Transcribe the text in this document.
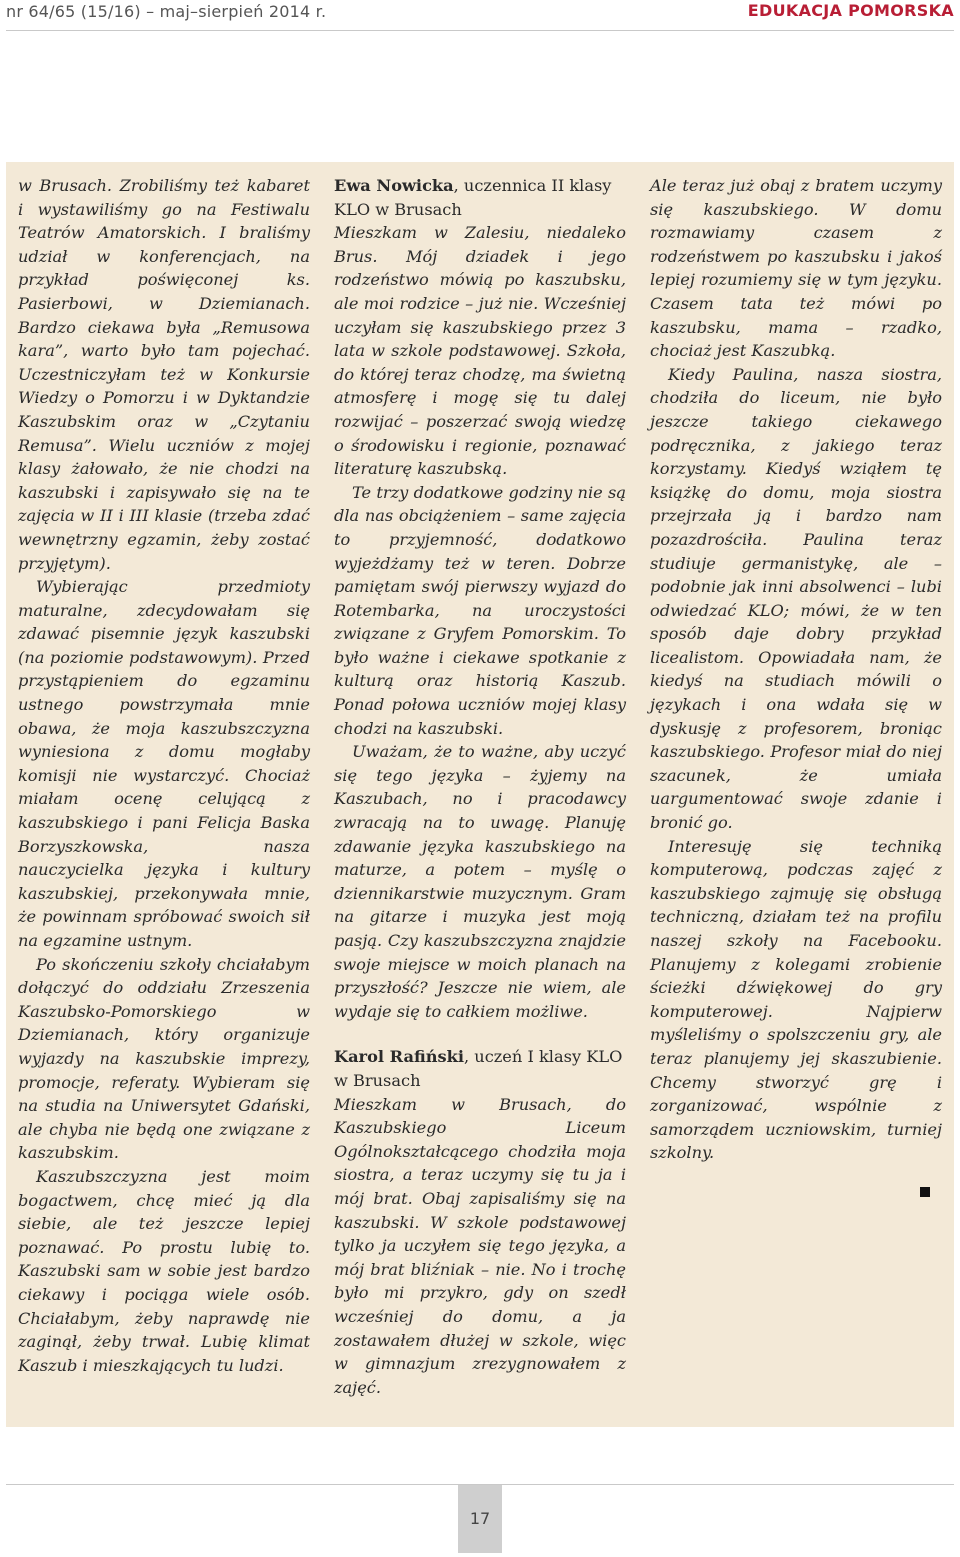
nr 64/65 (15/16) – maj–sierpień 2014 r.	EDUKACJA POMORSKA

w Brusach. Zrobiliśmy też kabaret i wystawiliśmy go na Festiwalu Teatrów Amatorskich. I braliśmy udział w konferencjach, na przykład poświęconej ks. Pasierbowi, w Dziemianach. Bardzo ciekawa była „Remusowa kara”, warto było tam pojechać. Uczestniczyłam też w Konkursie Wiedzy o Pomorzu i w Dyktandzie Kaszubskim oraz w „Czytaniu Remusa”. Wielu uczniów z mojej klasy żałowało, że nie chodzi na kaszubski i zapisywało się na te zajęcia w II i III klasie (trzeba zdać wewnętrzny egzamin, żeby zostać przyjętym).

Wybierając przedmioty maturalne, zdecydowałam się zdawać pisemnie język kaszubski (na poziomie podstawowym). Przed przystąpieniem do egzaminu ustnego powstrzymała mnie obawa, że moja kaszubszczyzna wyniesiona z domu mogłaby komisji nie wystarczyć. Chociaż miałam ocenę celującą z kaszubskiego i pani Felicja Baska Borzyszkowska, nasza nauczycielka języka i kultury kaszubskiej, przekonywała mnie, że powinnam spróbować swoich sił na egzamine ustnym.

Po skończeniu szkoły chciałabym dołączyć do oddziału Zrzeszenia Kaszubsko-Pomorskiego w Dziemianach, który organizuje wyjazdy na kaszubskie imprezy, promocje, referaty. Wybieram się na studia na Uniwersytet Gdański, ale chyba nie będą one związane z kaszubskim.

Kaszubszczyzna jest moim bogactwem, chcę mieć ją dla siebie, ale też jeszcze lepiej poznawać. Po prostu lubię to. Kaszubski sam w sobie jest bardzo ciekawy i pociąga wiele osób. Chciałabym, żeby naprawdę nie zaginął, żeby trwał. Lubię klimat Kaszub i mieszkających tu ludzi.

Ewa Nowicka, uczennica II klasy KLO w Brusach

Mieszkam w Zalesiu, niedaleko Brus. Mój dziadek i jego rodzeństwo mówią po kaszubsku, ale moi rodzice – już nie. Wcześniej uczyłam się kaszubskiego przez 3 lata w szkole podstawowej. Szkoła, do której teraz chodzę, ma świetną atmosferę i mogę się tu dalej rozwijać – poszerzać swoją wiedzę o środowisku i regionie, poznawać literaturę kaszubską.

Te trzy dodatkowe godziny nie są dla nas obciążeniem – same zajęcia to przyjemność, dodatkowo wyjeżdżamy też w teren. Dobrze pamiętam swój pierwszy wyjazd do Rotembarka, na uroczystości związane z Gryfem Pomorskim. To było ważne i ciekawe spotkanie z kulturą oraz historią Kaszub. Ponad połowa uczniów mojej klasy chodzi na kaszubski.

Uważam, że to ważne, aby uczyć się tego języka – żyjemy na Kaszubach, no i pracodawcy zwracają na to uwagę. Planuję zdawanie języka kaszubskiego na maturze, a potem – myślę o dziennikarstwie muzycznym. Gram na gitarze i muzyka jest moją pasją. Czy kaszubszczyzna znajdzie swoje miejsce w moich planach na przyszłość? Jeszcze nie wiem, ale wydaje się to całkiem możliwe.

Karol Rafiński, uczeń I klasy KLO w Brusach

Mieszkam w Brusach, do Kaszubskiego Liceum Ogólnokształcącego chodziła moja siostra, a teraz uczymy się tu ja i mój brat. Obaj zapisaliśmy się na kaszubski. W szkole podstawowej tylko ja uczyłem się tego języka, a mój brat bliźniak – nie. No i trochę było mi przykro, gdy on szedł wcześniej do domu, a ja zostawałem dłużej w szkole, więc w gimnazjum zrezygnowałem z zajęć.

Ale teraz już obaj z bratem uczymy się kaszubskiego. W domu rozmawiamy czasem z rodzeństwem po kaszubsku i jakoś lepiej rozumiemy się w tym języku. Czasem tata też mówi po kaszubsku, mama – rzadko, chociaż jest Kaszubką.

Kiedy Paulina, nasza siostra, chodziła do liceum, nie było jeszcze takiego ciekawego podręcznika, z jakiego teraz korzystamy. Kiedyś wziąłem tę książkę do domu, moja siostra przejrzała ją i bardzo nam pozazdrościła. Paulina teraz studiuje germanistykę, ale – podobnie jak inni absolwenci – lubi odwiedzać KLO; mówi, że w ten sposób daje dobry przykład licealistom. Opowiadała nam, że kiedyś na studiach mówili o językach i ona wdała się w dyskusję z profesorem, broniąc kaszubskiego. Profesor miał do niej szacunek, że umiała uargumentować swoje zdanie i bronić go.

Interesuję się techniką komputerową, podczas zajęć z kaszubskiego zajmuję się obsługą techniczną, działam też na profilu naszej szkoły na Facebooku. Planujemy z kolegami zrobienie ścieżki dźwiękowej do gry komputerowej. Najpierw myśleliśmy o spolszczeniu gry, ale teraz planujemy jej skaszubienie. Chcemy stworzyć grę i zorganizować, wspólnie z samorządem uczniowskim, turniej szkolny.

17
